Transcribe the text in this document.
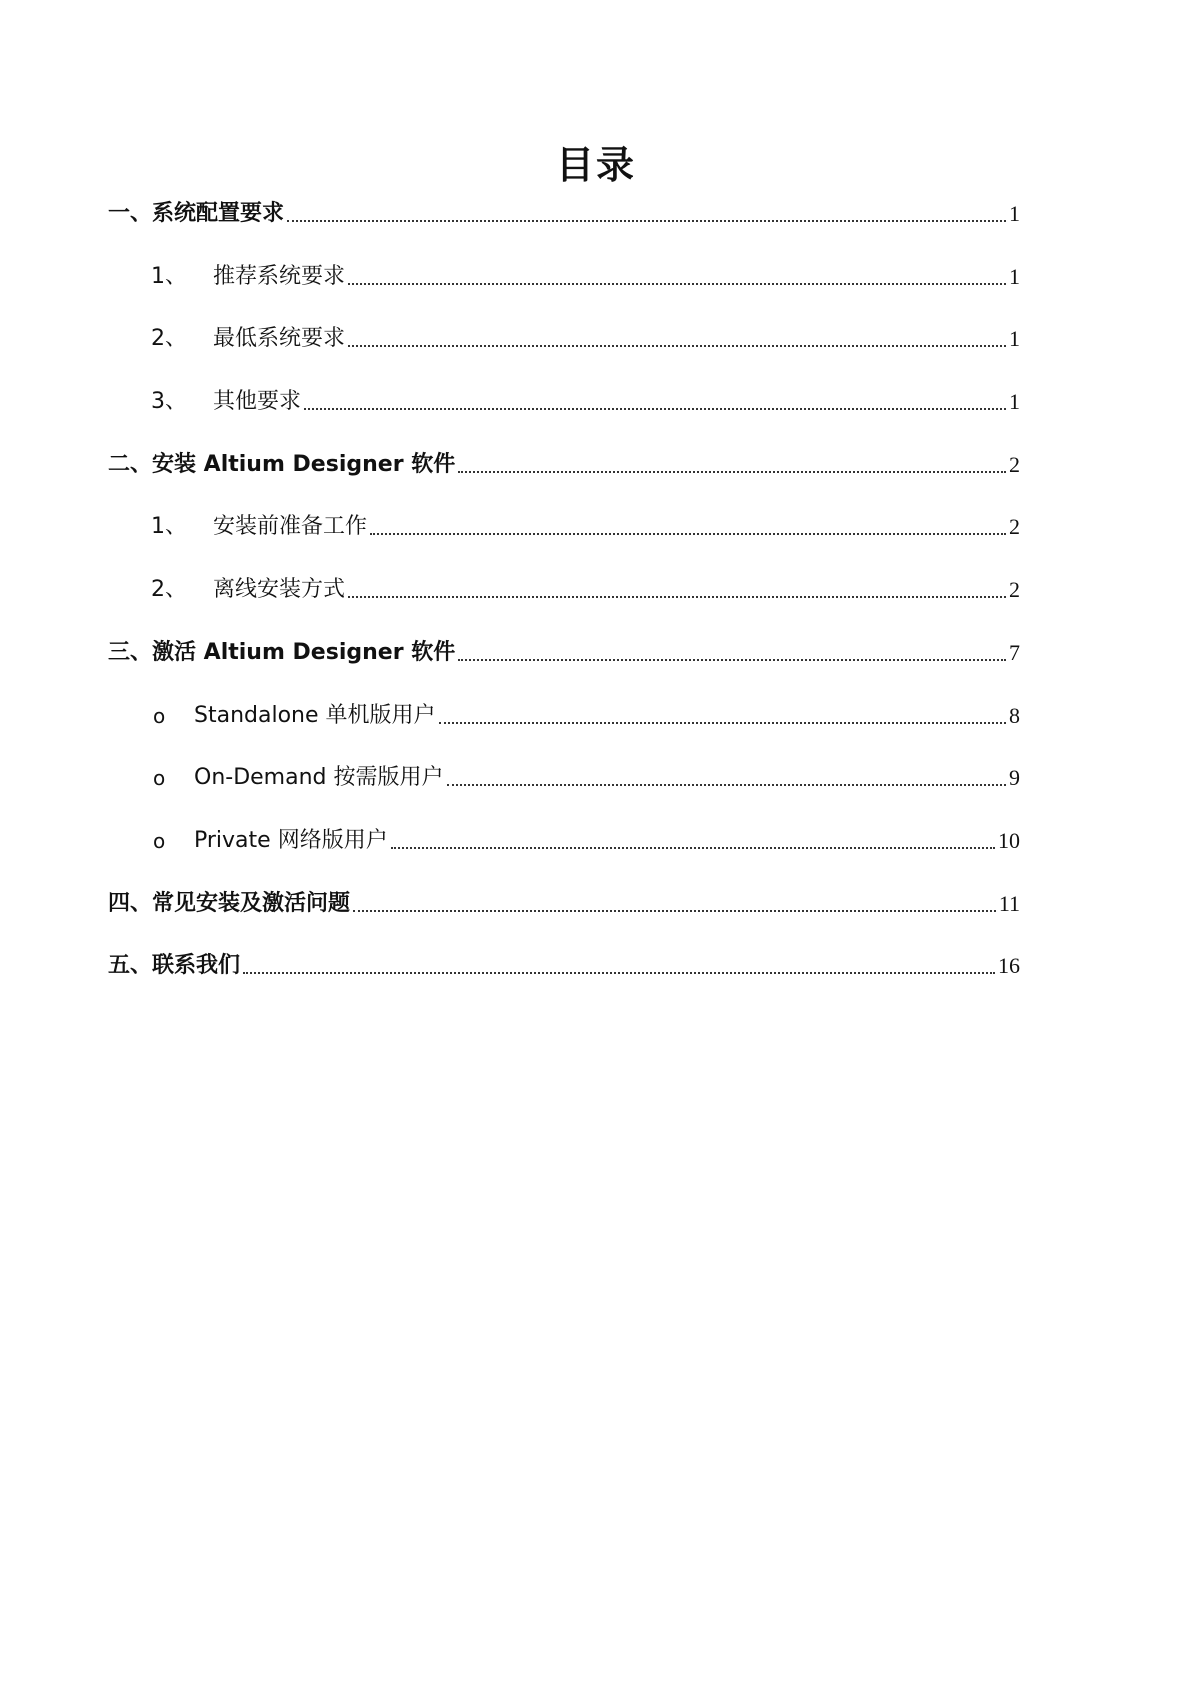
目录
一、 系统配置要求	1
1、	推荐系统要求	1
2、	最低系统要求	1
3、	其他要求	1
二、 安装 Altium Designer 软件	2
1、	安装前准备工作	2
2、	离线安装方式	2
三、 激活 Altium Designer 软件	7
o	Standalone 单机版用户	8
o	On-Demand 按需版用户	9
o	Private 网络版用户	10
四、 常见安装及激活问题	11
五、 联系我们	16
